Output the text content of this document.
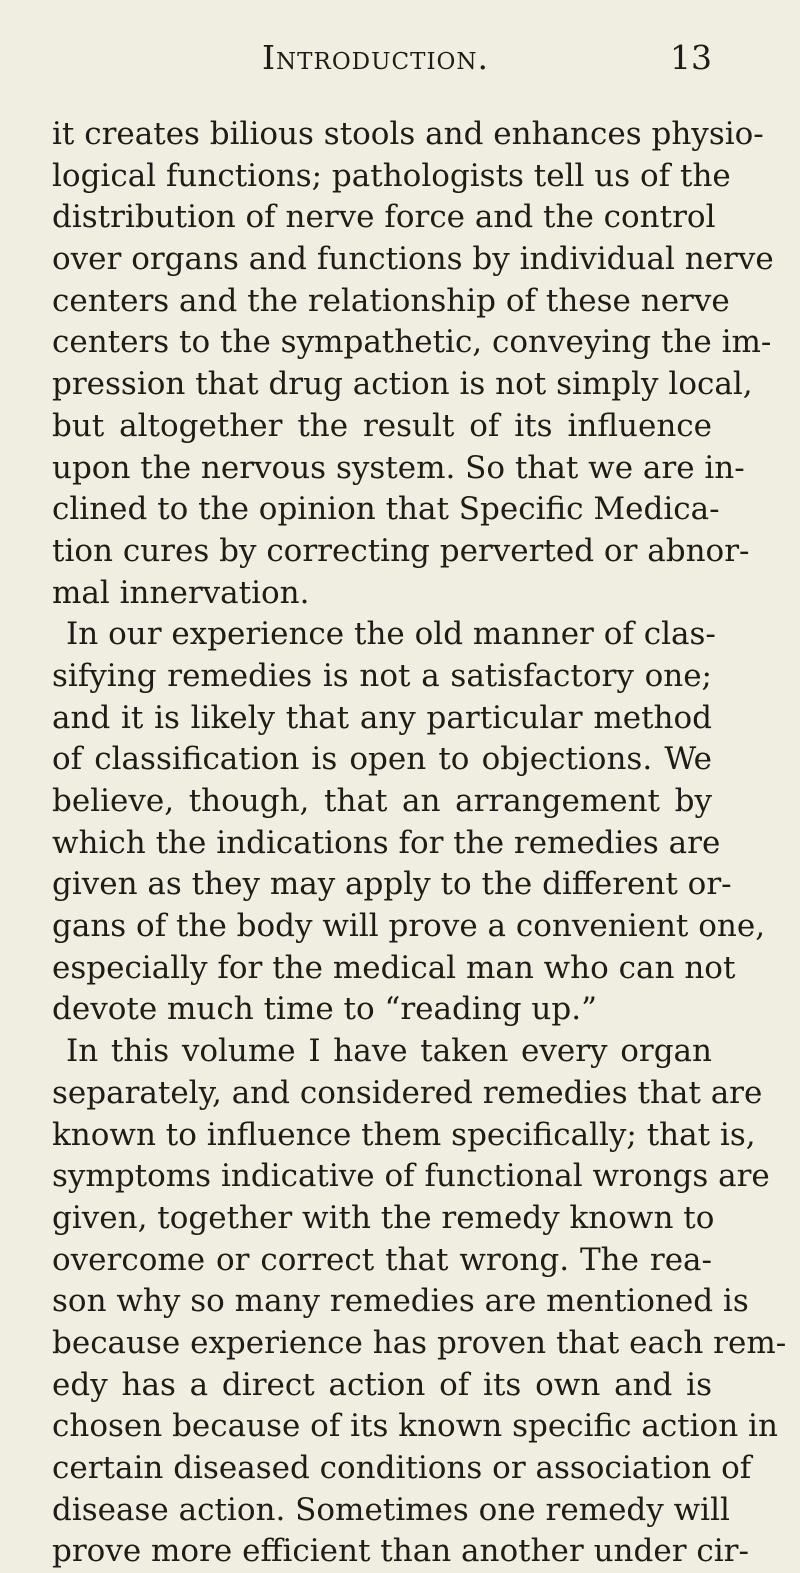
Introduction.	13
it creates bilious stools and enhances physio-
logical functions; pathologists tell us of the
distribution of nerve force and the control
over organs and functions by individual nerve
centers and the relationship of these nerve
centers to the sympathetic, conveying the im-
pression that drug action is not simply local,
but altogether the result of its influence
upon the nervous system. So that we are in-
clined to the opinion that Specific Medica-
tion cures by correcting perverted or abnor-
mal innervation.
In our experience the old manner of clas-
sifying remedies is not a satisfactory one;
and it is likely that any particular method
of classification is open to objections. We
believe, though, that an arrangement by
which the indications for the remedies are
given as they may apply to the different or-
gans of the body will prove a convenient one,
especially for the medical man who can not
devote much time to “reading up.”
In this volume I have taken every organ
separately, and considered remedies that are
known to influence them specifically; that is,
symptoms indicative of functional wrongs are
given, together with the remedy known to
overcome or correct that wrong. The rea-
son why so many remedies are mentioned is
because experience has proven that each rem-
edy has a direct action of its own and is
chosen because of its known specific action in
certain diseased conditions or association of
disease action. Sometimes one remedy will
prove more efficient than another under cir-
